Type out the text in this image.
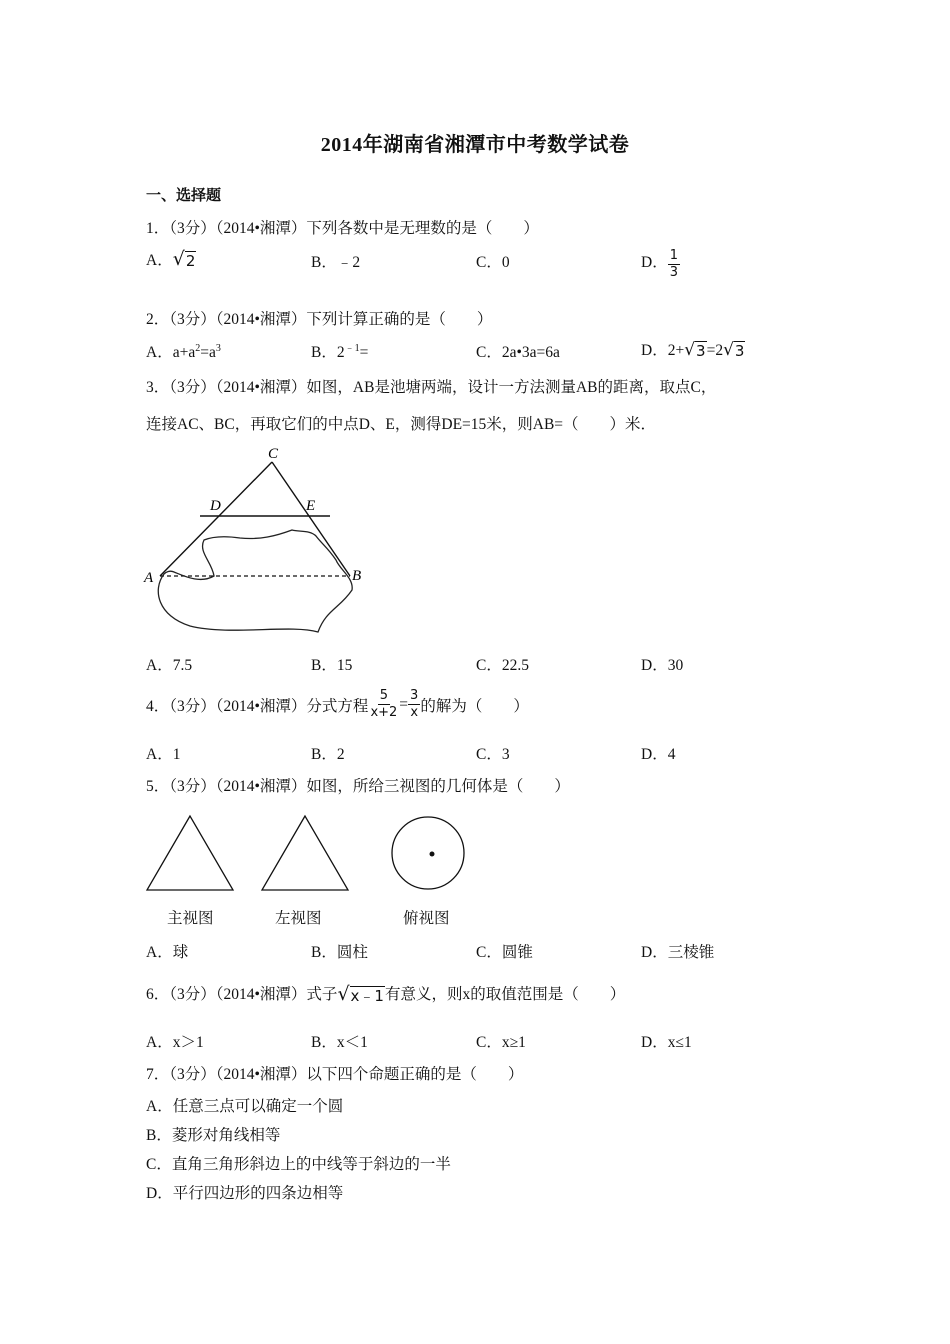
2014年湖南省湘潭市中考数学试卷
一、选择题
1．（3分）（2014•湘潭）下列各数中是无理数的是（　　）
A． √ 2	B．﹣2	C．0	D． $\frac{1}{3}$
2．（3分）（2014•湘潭）下列计算正确的是（　　）
A．$a+a^2=a^3$	B．$2^{﹣1}=$	C．2a•3a=6a	D．2+ √ 3 =2 √ 3
3．（3分）（2014•湘潭）如图，AB是池塘两端，设计一方法测量AB的距离，取点C，
连接AC、BC，再取它们的中点D、E，测得DE=15米，则AB=（　　）米．
C
D	E
A	B
A．7.5	B．15	C．22.5	D．30
4．（3分）（2014•湘潭）分式方程 $\frac{5}{x+2} = \frac{3}{x}$ 的解为（　　）
A．1	B．2	C．3	D．4
5．（3分）（2014•湘潭）如图，所给三视图的几何体是（　　）
主视图	左视图	俯视图
A．球	B．圆柱	C．圆锥	D．三棱锥
6．（3分）（2014•湘潭）式子 √ x﹣1 有意义，则x的取值范围是（　　）
A．x＞1	B．x＜1	C．x≥1	D．x≤1
7．（3分）（2014•湘潭）以下四个命题正确的是（　　）
A．任意三点可以确定一个圆
B．菱形对角线相等
C．直角三角形斜边上的中线等于斜边的一半
D．平行四边形的四条边相等
